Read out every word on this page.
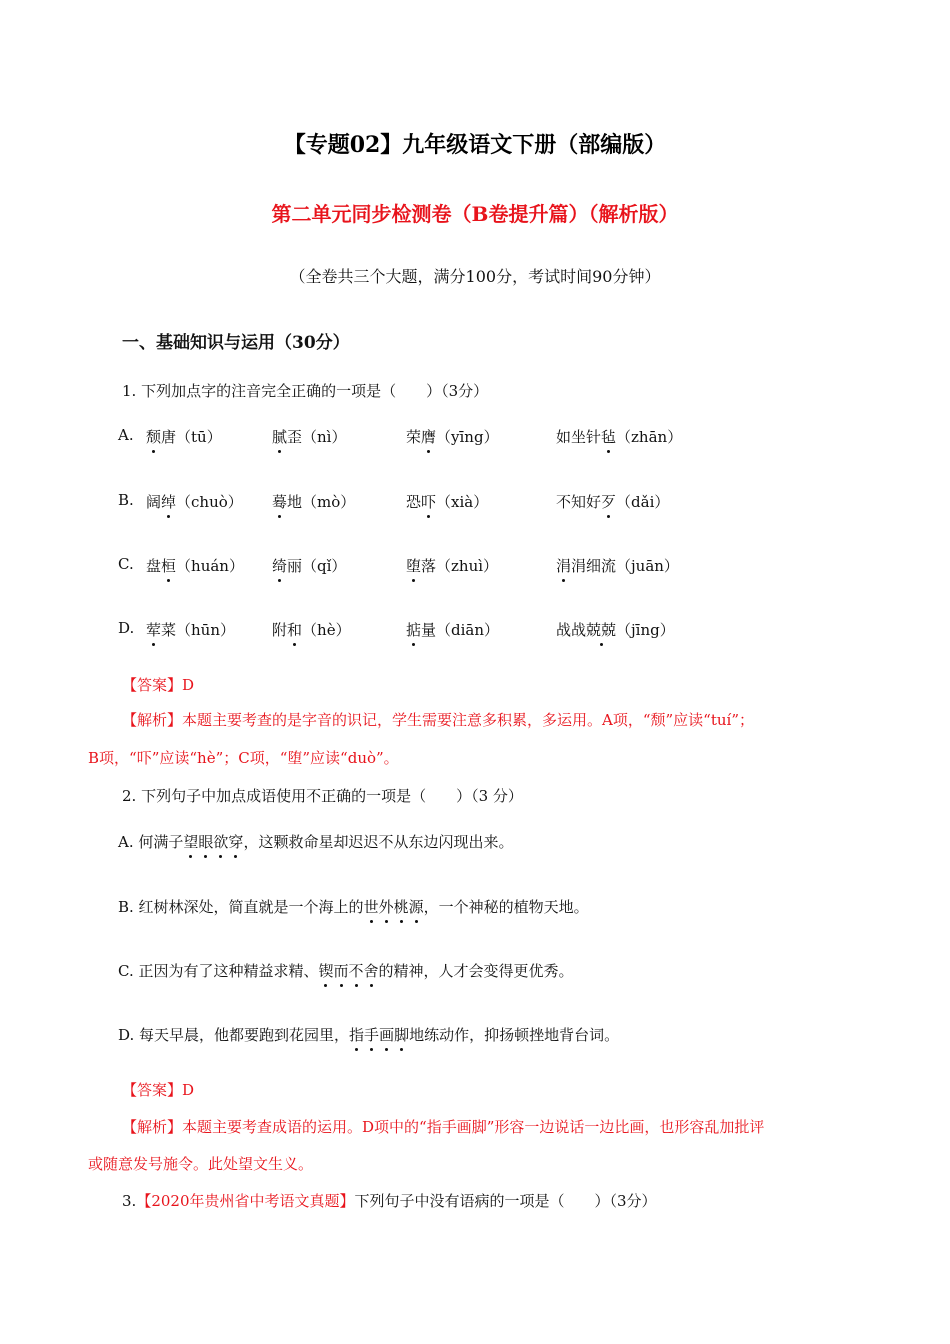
【专题02】九年级语文下册（部编版）
第二单元同步检测卷（B卷提升篇）（解析版）
（全卷共三个大题，满分100分，考试时间90分钟）
一、基础知识与运用（30分）
1. 下列加点字的注音完全正确的一项是（　　）（3分）
A. 颓唐（tū）	腻歪（nì）	荣膺（yīng）	如坐针毡（zhān）
B. 阔绰（chuò） 蓦地（mò）	恐吓（xià）	不知好歹（dǎi）
C. 盘桓（huán） 绮丽（qǐ）	堕落（zhuì）	涓涓细流（juān）
D. 荤菜（hūn） 附和（hè）	掂量（diān）	战战兢兢（jīng）
【答案】D
【解析】本题主要考查的是字音的识记，学生需要注意多积累，多运用。A项，“颓”应读“tuí”；
B项，“吓”应读“hè”；C项，“堕”应读“duò”。
2. 下列句子中加点成语使用不正确的一项是（　　）（3 分）
A. 何满子望眼欲穿，这颗救命星却迟迟不从东边闪现出来。
B. 红树林深处，简直就是一个海上的世外桃源，一个神秘的植物天地。
C. 正因为有了这种精益求精、锲而不舍的精神，人才会变得更优秀。
D. 每天早晨，他都要跑到花园里，指手画脚地练动作，抑扬顿挫地背台词。
【答案】D
【解析】本题主要考查成语的运用。D项中的“指手画脚”形容一边说话一边比画，也形容乱加批评
或随意发号施令。此处望文生义。
3.【2020年贵州省中考语文真题】下列句子中没有语病的一项是（　　）（3分）
